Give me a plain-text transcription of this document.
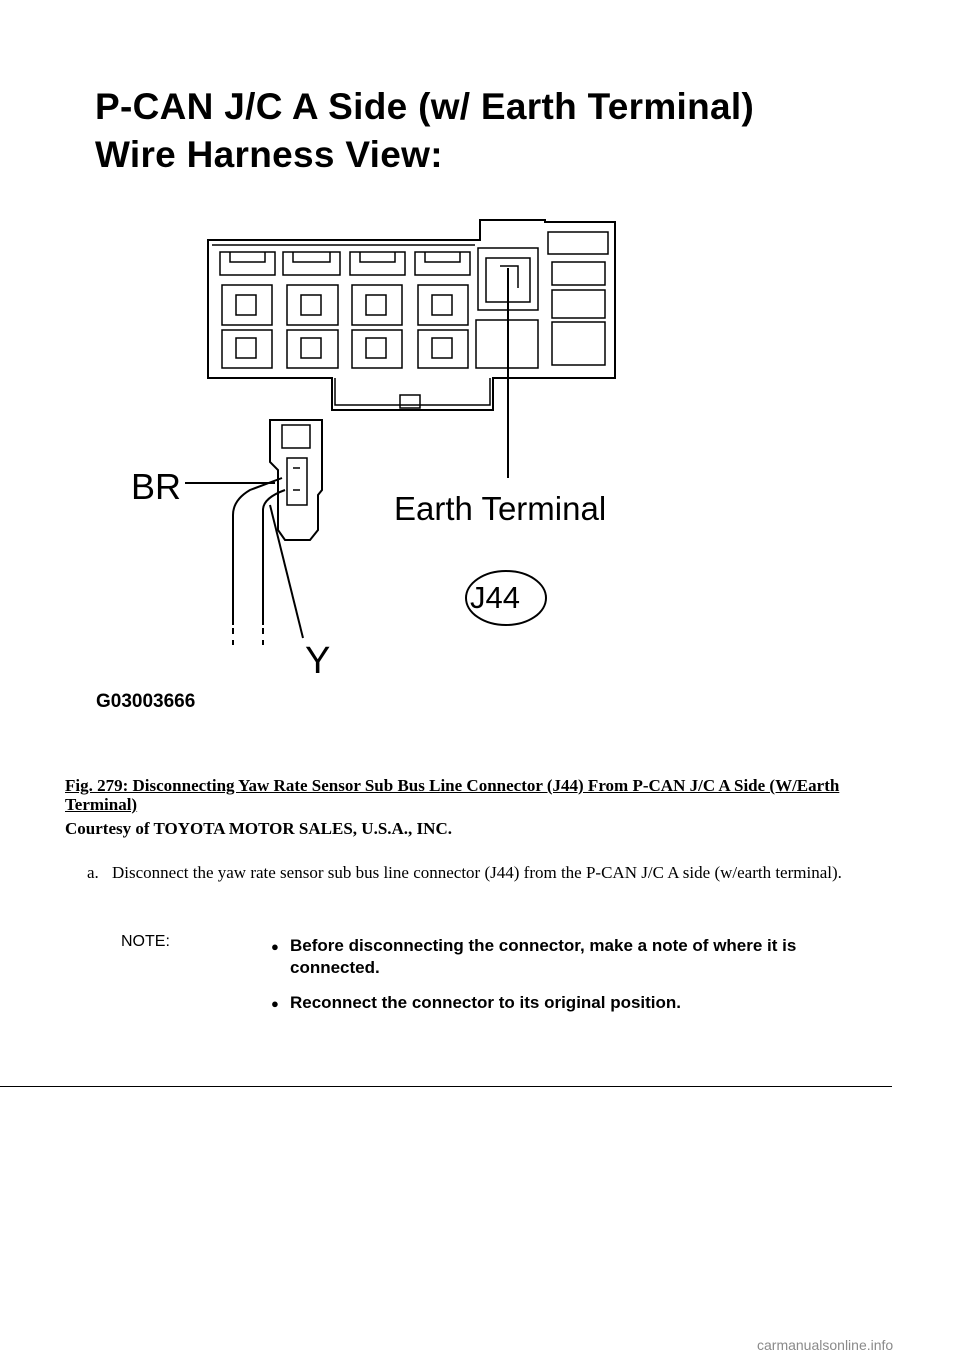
P-CAN J/C A Side (w/ Earth Terminal)
Wire Harness View:
BR
Earth Terminal
J44
Y
G03003666
Fig. 279: Disconnecting Yaw Rate Sensor Sub Bus Line Connector (J44) From P-CAN J/C A Side (W/Earth Terminal)
Courtesy of TOYOTA MOTOR SALES, U.S.A., INC.
a. Disconnect the yaw rate sensor sub bus line connector (J44) from the P-CAN J/C A side (w/earth terminal).
NOTE:	● Before disconnecting the connector, make a note of where it is connected.
● Reconnect the connector to its original position.
carmanualsonline.info
